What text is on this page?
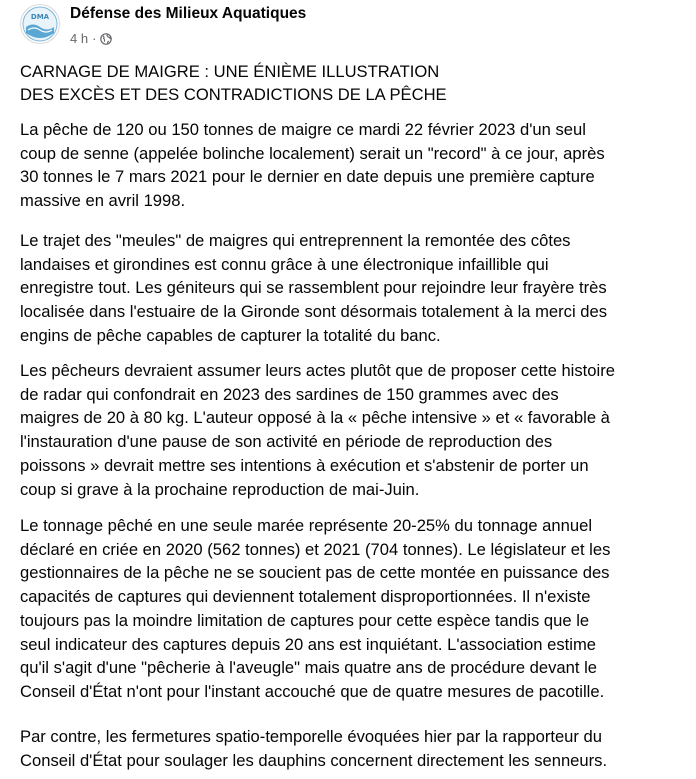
DMA Défense des Milieux Aquatiques
4 h ·
CARNAGE DE MAIGRE : UNE ÉNIÈME ILLUSTRATION
DES EXCÈS ET DES CONTRADICTIONS DE LA PÊCHE
La pêche de 120 ou 150 tonnes de maigre ce mardi 22 février 2023 d'un seul
coup de senne (appelée bolinche localement) serait un "record" à ce jour, après
30 tonnes le 7 mars 2021 pour le dernier en date depuis une première capture
massive en avril 1998.
Le trajet des "meules" de maigres qui entreprennent la remontée des côtes
landaises et girondines est connu grâce à une électronique infaillible qui
enregistre tout. Les géniteurs qui se rassemblent pour rejoindre leur frayère très
localisée dans l'estuaire de la Gironde sont désormais totalement à la merci des
engins de pêche capables de capturer la totalité du banc.
Les pêcheurs devraient assumer leurs actes plutôt que de proposer cette histoire
de radar qui confondrait en 2023 des sardines de 150 grammes avec des
maigres de 20 à 80 kg. L'auteur opposé à la « pêche intensive » et « favorable à
l'instauration d'une pause de son activité en période de reproduction des
poissons » devrait mettre ses intentions à exécution et s'abstenir de porter un
coup si grave à la prochaine reproduction de mai-Juin.
Le tonnage pêché en une seule marée représente 20-25% du tonnage annuel
déclaré en criée en 2020 (562 tonnes) et 2021 (704 tonnes). Le législateur et les
gestionnaires de la pêche ne se soucient pas de cette montée en puissance des
capacités de captures qui deviennent totalement disproportionnées. Il n'existe
toujours pas la moindre limitation de captures pour cette espèce tandis que le
seul indicateur des captures depuis 20 ans est inquiétant. L'association estime
qu'il s'agit d'une "pêcherie à l'aveugle" mais quatre ans de procédure devant le
Conseil d'État n'ont pour l'instant accouché que de quatre mesures de pacotille.
Par contre, les fermetures spatio-temporelle évoquées hier par la rapporteur du
Conseil d'État pour soulager les dauphins concernent directement les senneurs.
